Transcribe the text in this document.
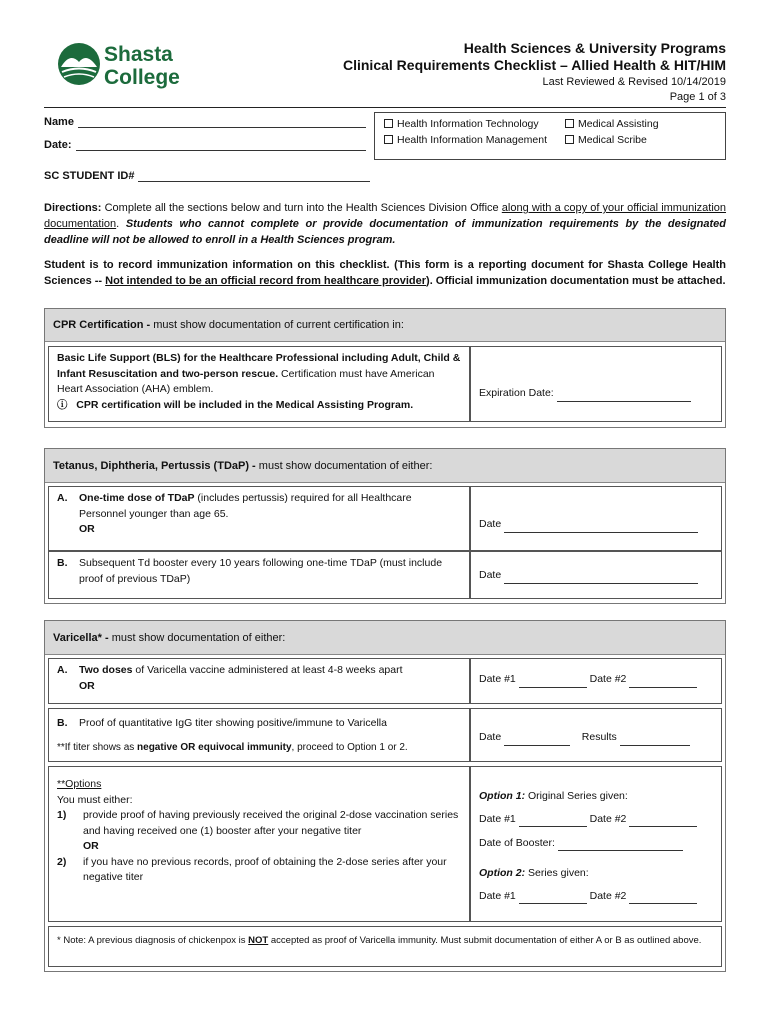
Shasta
College
Health Sciences & University Programs
Clinical Requirements Checklist – Allied Health & HIT/HIM
Last Reviewed & Revised 10/14/2019
Page 1 of 3
Name
Date:
Health Information Technology	Medical Assisting
Health Information Management	Medical Scribe
SC STUDENT ID#
Directions: Complete all the sections below and turn into the Health Sciences Division Office along with a copy of your official immunization documentation. Students who cannot complete or provide documentation of immunization requirements by the designated deadline will not be allowed to enroll in a Health Sciences program.
Student is to record immunization information on this checklist. (This form is a reporting document for Shasta College Health Sciences -- Not intended to be an official record from healthcare provider). Official immunization documentation must be attached.
CPR Certification - must show documentation of current certification in:
Basic Life Support (BLS) for the Healthcare Professional including Adult, Child & Infant Resuscitation and two-person rescue. Certification must have American Heart Association (AHA) emblem.
ⓘ CPR certification will be included in the Medical Assisting Program.
Expiration Date:
Tetanus, Diphtheria, Pertussis (TDaP) - must show documentation of either:
A.	One-time dose of TDaP (includes pertussis) required for all Healthcare Personnel younger than age 65.
OR	Date
B.	Subsequent Td booster every 10 years following one-time TDaP (must include proof of previous TDaP)	Date
Varicella* - must show documentation of either:
A.	Two doses of Varicella vaccine administered at least 4-8 weeks apart
OR
Date #1	Date #2
B.	Proof of quantitative IgG titer showing positive/immune to Varicella
**If titer shows as negative OR equivocal immunity, proceed to Option 1 or 2.
Date	Results
**Options
You must either:
1)	provide proof of having previously received the original 2-dose vaccination series and having received one (1) booster after your negative titer
OR
2)	if you have no previous records, proof of obtaining the 2-dose series after your negative titer
Option 1: Original Series given:
Date #1	Date #2
Date of Booster:
Option 2: Series given:
Date #1	Date #2
* Note: A previous diagnosis of chickenpox is NOT accepted as proof of Varicella immunity. Must submit documentation of either A or B as outlined above.
